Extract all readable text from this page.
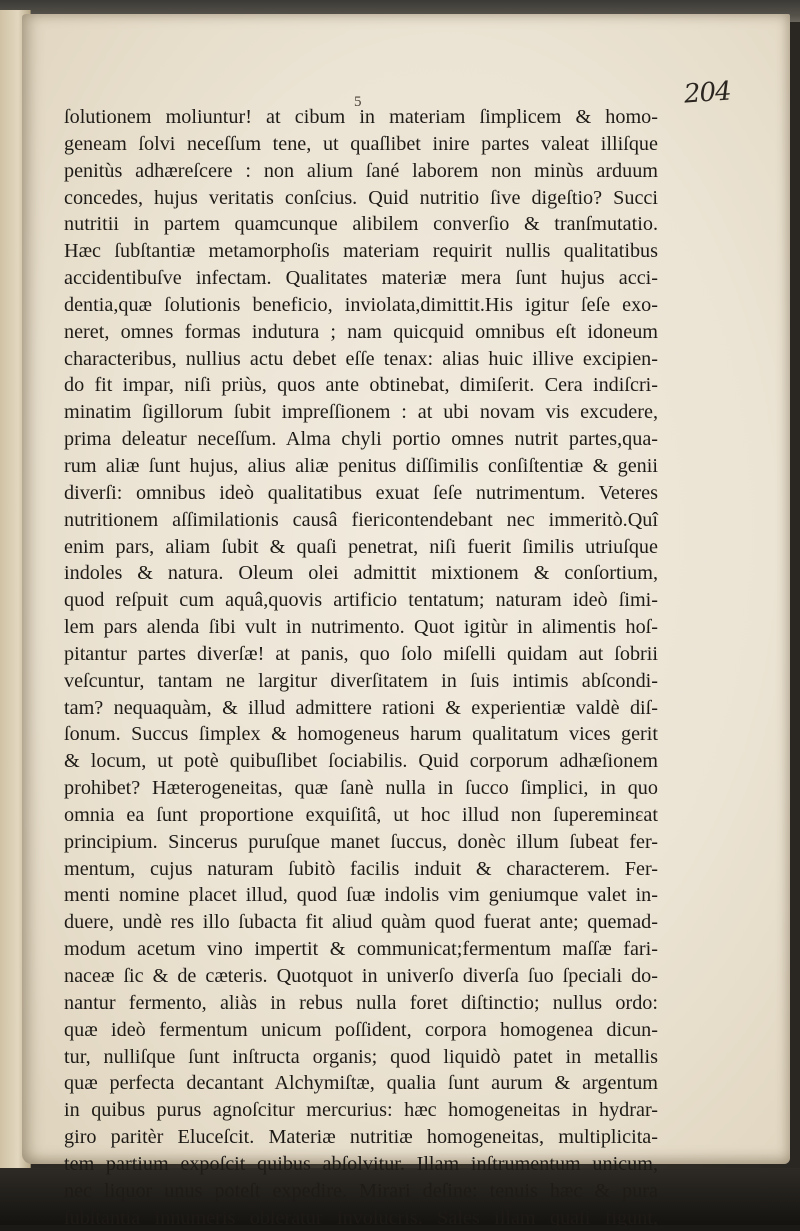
204
5
ſolutionem moliuntur! at cibum in materiam ſimplicem & homo-
geneam ſolvi neceſſum tene, ut quaſlibet inire partes valeat illiſque
penitùs adhæreſcere : non alium ſané laborem non minùs arduum
concedes, hujus veritatis conſcius. Quid nutritio ſive digeſtio? Succi
nutritii in partem quamcunque alibilem converſio & tranſmutatio.
Hæc ſubſtantiæ metamorphoſis materiam requirit nullis qualitatibus
accidentibuſve infectam. Qualitates materiæ mera ſunt hujus acci-
dentia,quæ ſolutionis beneficio, inviolata,dimittit.His igitur ſeſe exo-
neret, omnes formas indutura ; nam quicquid omnibus eſt idoneum
characteribus, nullius actu debet eſſe tenax: alias huic illive excipien-
do fit impar, niſi priùs, quos ante obtinebat, dimiſerit. Cera indiſcri-
minatim ſigillorum ſubit impreſſionem : at ubi novam vis excudere,
prima deleatur neceſſum. Alma chyli portio omnes nutrit partes,qua-
rum aliæ ſunt hujus, alius aliæ penitus diſſimilis conſiſtentiæ & genii
diverſi: omnibus ideò qualitatibus exuat ſeſe nutrimentum. Veteres
nutritionem aſſimilationis causâ fiericontendebant nec immeritò.Quî
enim pars, aliam ſubit & quaſi penetrat, niſi fuerit ſimilis utriuſque
indoles & natura. Oleum olei admittit mixtionem & conſortium,
quod reſpuit cum aquâ,quovis artificio tentatum; naturam ideò ſimi-
lem pars alenda ſibi vult in nutrimento. Quot igitùr in alimentis hoſ-
pitantur partes diverſæ! at panis, quo ſolo miſelli quidam aut ſobrii
veſcuntur, tantam ne largitur diverſitatem in ſuis intimis abſcondi-
tam? nequaquàm, & illud admittere rationi & experientiæ valdè diſ-
ſonum. Succus ſimplex & homogeneus harum qualitatum vices gerit
& locum, ut potè quibuſlibet ſociabilis. Quid corporum adhæſionem
prohibet? Hæterogeneitas, quæ ſanè nulla in ſucco ſimplici, in quo
omnia ea ſunt proportione exquiſitâ, ut hoc illud non ſupereminεat
principium. Sincerus puruſque manet ſuccus, donèc illum ſubeat fer-
mentum, cujus naturam ſubitò facilis induit & characterem. Fer-
menti nomine placet illud, quod ſuæ indolis vim geniumque valet in-
duere, undè res illo ſubacta fit aliud quàm quod fuerat ante; quemad-
modum acetum vino impertit & communicat;fermentum maſſæ fari-
naceæ ſic & de cæteris. Quotquot in univerſo diverſa ſuo ſpeciali do-
nantur fermento, aliàs in rebus nulla foret diſtinctio; nullus ordo:
quæ ideò fermentum unicum poſſident, corpora homogenea dicun-
tur, nulliſque ſunt inſtructa organis; quod liquidò patet in metallis
quæ perfecta decantant Alchymiſtæ, qualia ſunt aurum & argentum
in quibus purus agnoſcitur mercurius: hæc homogeneitas in hydrar-
giro paritèr Eluceſcit. Materiæ nutritiæ homogeneitas, multiplicita-
tem partium expoſcit quibus abſolvitur. Illam inſtrumentum unicum,
nec liquor unus poteſt expedire. Mirari deſine: tenuis hæc & pura
ſubſtantia innumeris obſeratur involucris. Sales illam quaſi figunt,
